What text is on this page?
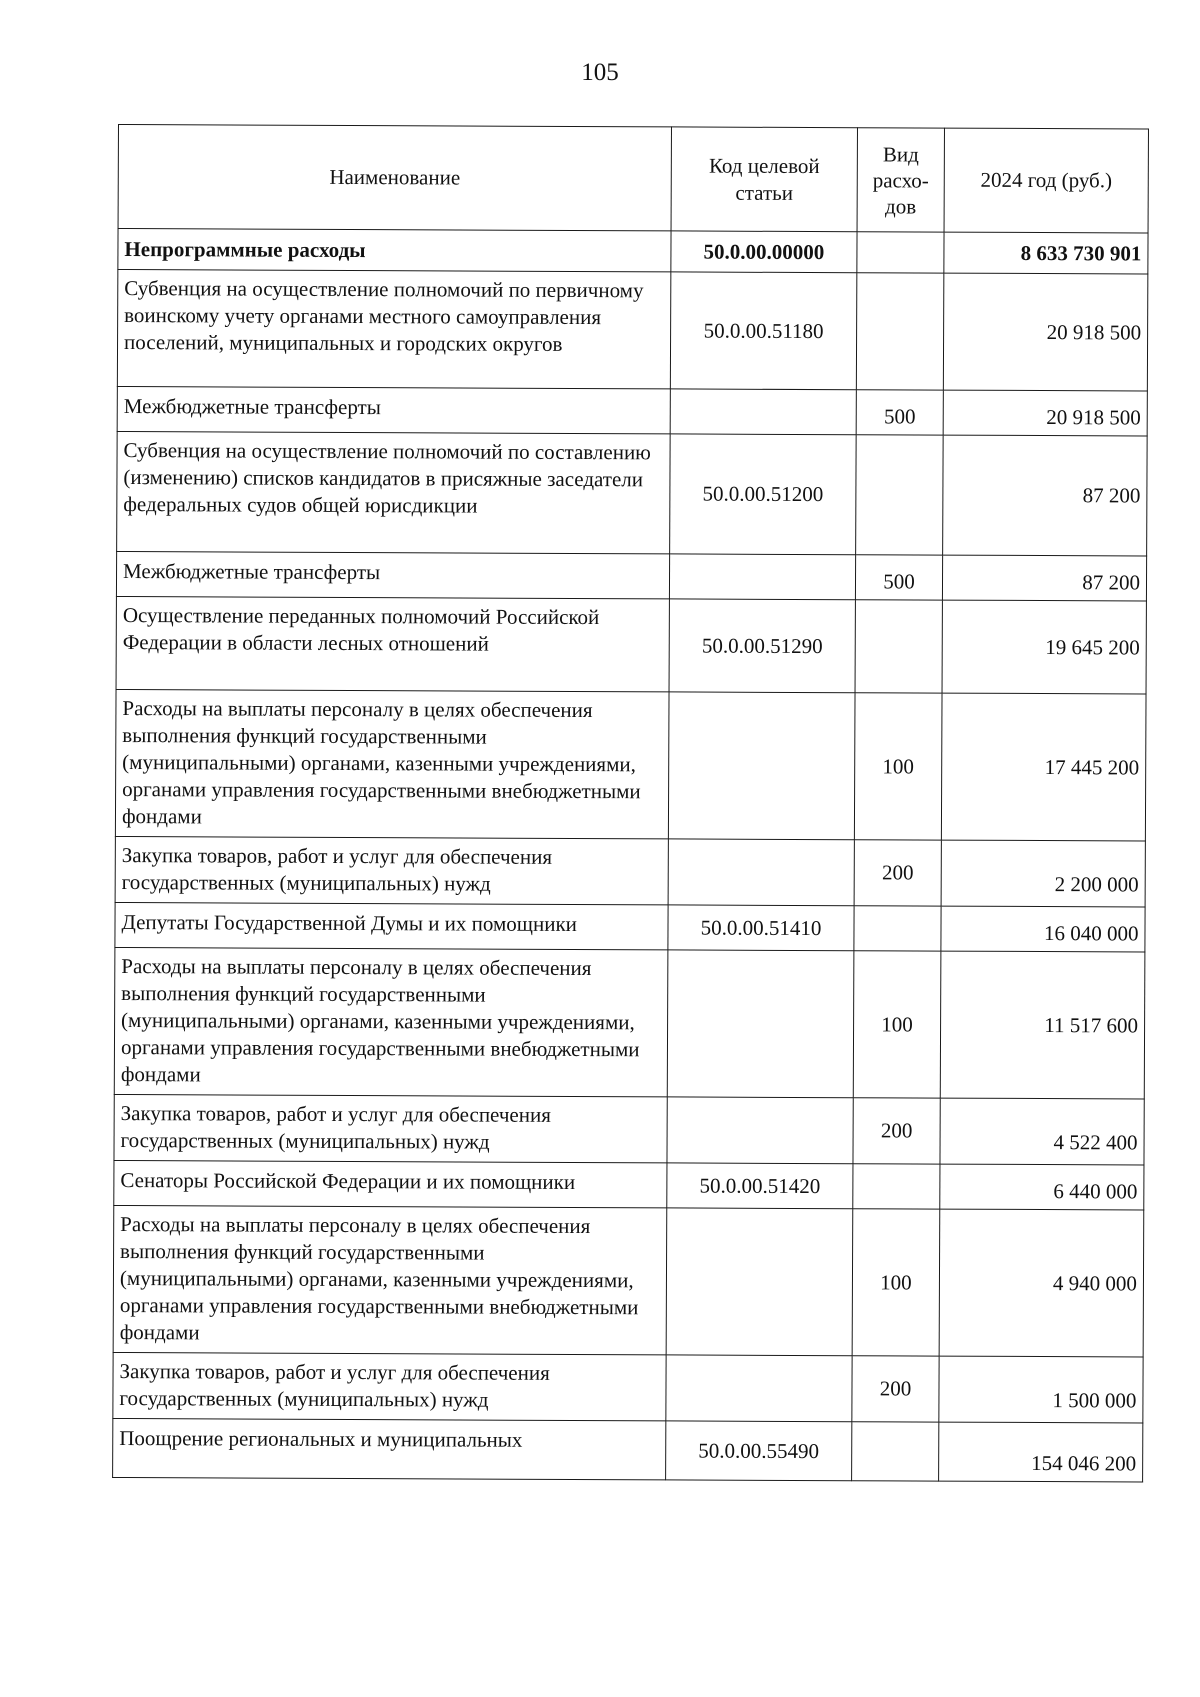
105
Наименование	Код целевой статьи	Вид расхо-дов	2024 год (руб.)
Непрограммные расходы	50.0.00.00000		8 633 730 901
Субвенция на осуществление полномочий по первичному воинскому учету органами местного самоуправления поселений, муниципальных и городских округов	50.0.00.51180		20 918 500
Межбюджетные трансферты		500	20 918 500
Субвенция на осуществление полномочий по составлению (изменению) списков кандидатов в присяжные заседатели федеральных судов общей юрисдикции	50.0.00.51200		87 200
Межбюджетные трансферты		500	87 200
Осуществление переданных полномочий Российской Федерации в области лесных отношений	50.0.00.51290		19 645 200
Расходы на выплаты персоналу в целях обеспечения выполнения функций государственными (муниципальными) органами, казенными учреждениями, органами управления государственными внебюджетными фондами		100	17 445 200
Закупка товаров, работ и услуг для обеспечения государственных (муниципальных) нужд		200	2 200 000
Депутаты Государственной Думы и их помощники	50.0.00.51410		16 040 000
Расходы на выплаты персоналу в целях обеспечения выполнения функций государственными (муниципальными) органами, казенными учреждениями, органами управления государственными внебюджетными фондами		100	11 517 600
Закупка товаров, работ и услуг для обеспечения государственных (муниципальных) нужд		200	4 522 400
Сенаторы Российской Федерации и их помощники	50.0.00.51420		6 440 000
Расходы на выплаты персоналу в целях обеспечения выполнения функций государственными (муниципальными) органами, казенными учреждениями, органами управления государственными внебюджетными фондами		100	4 940 000
Закупка товаров, работ и услуг для обеспечения государственных (муниципальных) нужд		200	1 500 000
Поощрение региональных и муниципальных	50.0.00.55490		154 046 200
